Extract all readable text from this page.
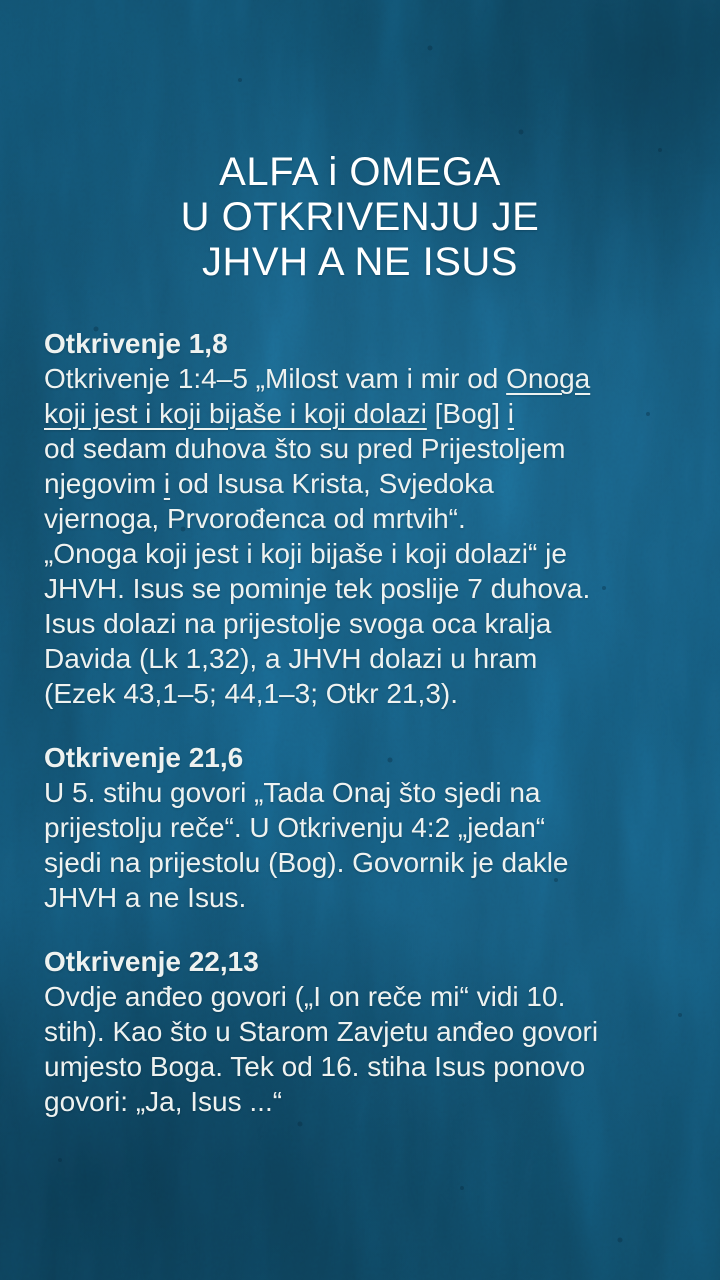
ALFA i OMEGA
U OTKRIVENJU JE
JHVH A NE ISUS
Otkrivenje 1,8
Otkrivenje 1:4–5 „Milost vam i mir od Onoga
koji jest i koji bijaše i koji dolazi [Bog] i
od sedam duhova što su pred Prijestoljem
njegovim i od Isusa Krista, Svjedoka
vjernoga, Prvorođenca od mrtvih“.
„Onoga koji jest i koji bijaše i koji dolazi“ je
JHVH. Isus se pominje tek poslije 7 duhova.
Isus dolazi na prijestolje svoga oca kralja
Davida (Lk 1,32), a JHVH dolazi u hram
(Ezek 43,1–5; 44,1–3; Otkr 21,3).
Otkrivenje 21,6
U 5. stihu govori „Tada Onaj što sjedi na
prijestolju reče“. U Otkrivenju 4:2 „jedan“
sjedi na prijestolu (Bog). Govornik je dakle
JHVH a ne Isus.
Otkrivenje 22,13
Ovdje anđeo govori („I on reče mi“ vidi 10.
stih). Kao što u Starom Zavjetu anđeo govori
umjesto Boga. Tek od 16. stiha Isus ponovo
govori: „Ja, Isus ...“
